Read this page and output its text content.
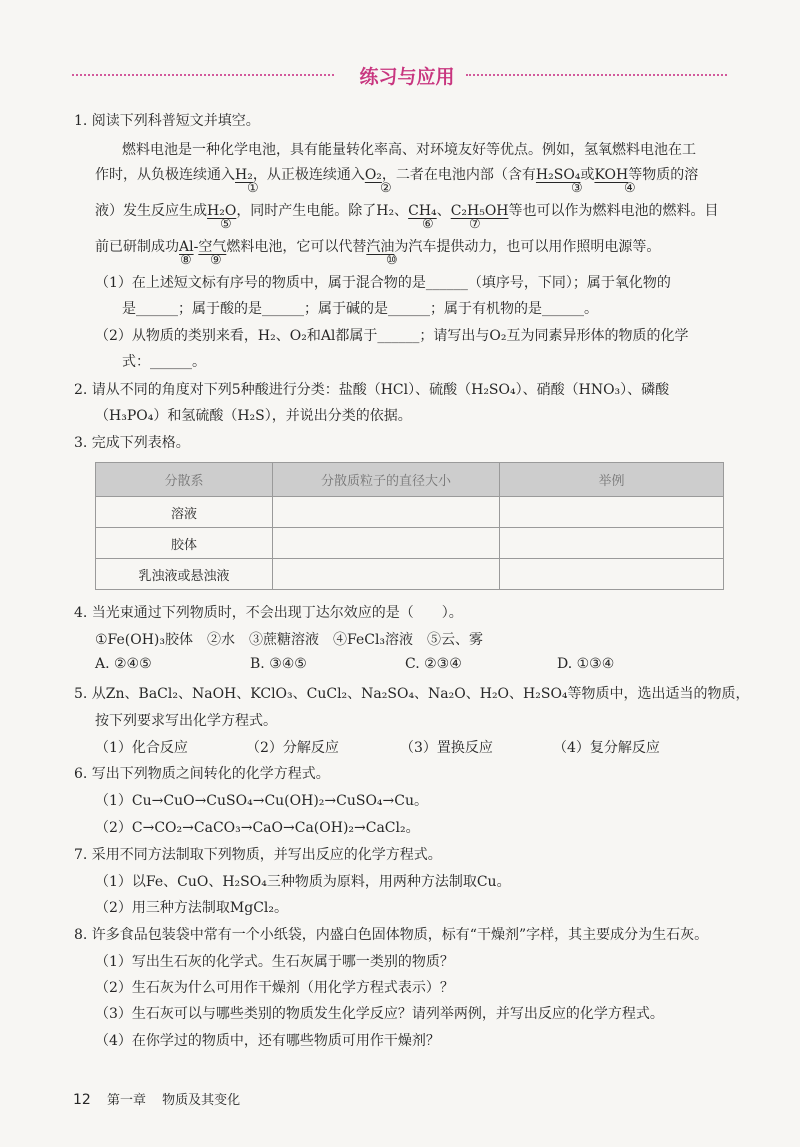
练习与应用
1. 阅读下列科普短文并填空。
燃料电池是一种化学电池，具有能量转化率高、对环境友好等优点。例如，氢氧燃料电池在工
作时，从负极连续通入H₂，从正极连续通入O₂，二者在电池内部（含有H₂SO₄或KOH等物质的溶
①	②	③	④
液）发生反应生成H₂O，同时产生电能。除了H₂、CH₄、C₂H₅OH等也可以作为燃料电池的燃料。目
⑤	⑥	⑦
前已研制成功Al-空气燃料电池，它可以代替汽油为汽车提供动力，也可以用作照明电源等。
⑧ ⑨	⑩
（1）在上述短文标有序号的物质中，属于混合物的是______（填序号，下同）；属于氧化物的
是______；属于酸的是______；属于碱的是______；属于有机物的是______。
（2）从物质的类别来看，H₂、O₂和Al都属于______；请写出与O₂互为同素异形体的物质的化学
式：______。
2. 请从不同的角度对下列5种酸进行分类：盐酸（HCl）、硫酸（H₂SO₄）、硝酸（HNO₃）、磷酸
（H₃PO₄）和氢硫酸（H₂S），并说出分类的依据。
3. 完成下列表格。
分散系	分散质粒子的直径大小	举例
溶液		
胶体		
乳浊液或悬浊液		
4. 当光束通过下列物质时，不会出现丁达尔效应的是（　　）。
①Fe(OH)₃胶体　②水　③蔗糖溶液　④FeCl₃溶液　⑤云、雾
A. ②④⑤	B. ③④⑤	C. ②③④	D. ①③④
5. 从Zn、BaCl₂、NaOH、KClO₃、CuCl₂、Na₂SO₄、Na₂O、H₂O、H₂SO₄等物质中，选出适当的物质，
按下列要求写出化学方程式。
（1）化合反应	（2）分解反应	（3）置换反应	（4）复分解反应
6. 写出下列物质之间转化的化学方程式。
（1）Cu→CuO→CuSO₄→Cu(OH)₂→CuSO₄→Cu。
（2）C→CO₂→CaCO₃→CaO→Ca(OH)₂→CaCl₂。
7. 采用不同方法制取下列物质，并写出反应的化学方程式。
（1）以Fe、CuO、H₂SO₄三种物质为原料，用两种方法制取Cu。
（2）用三种方法制取MgCl₂。
8. 许多食品包装袋中常有一个小纸袋，内盛白色固体物质，标有“干燥剂”字样，其主要成分为生石灰。
（1）写出生石灰的化学式。生石灰属于哪一类别的物质？
（2）生石灰为什么可用作干燥剂（用化学方程式表示）？
（3）生石灰可以与哪些类别的物质发生化学反应？请列举两例，并写出反应的化学方程式。
（4）在你学过的物质中，还有哪些物质可用作干燥剂？
12 第一章 物质及其变化
